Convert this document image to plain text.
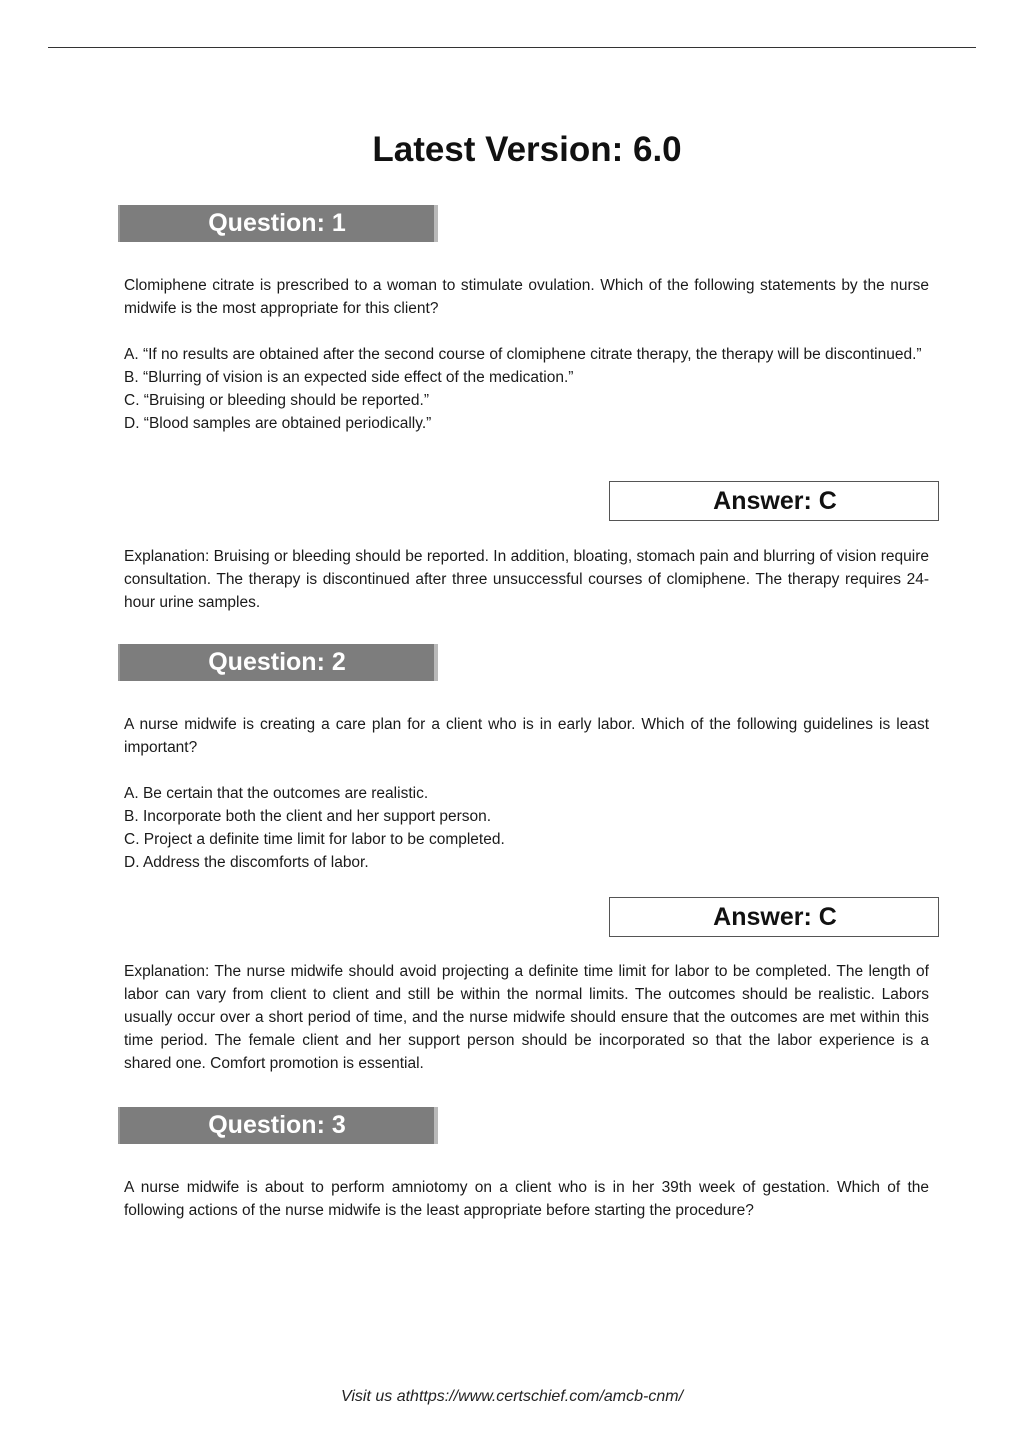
Latest Version: 6.0
Question: 1

Clomiphene citrate is prescribed to a woman to stimulate ovulation. Which of the following statements by the nurse midwife is the most appropriate for this client?

A. “If no results are obtained after the second course of clomiphene citrate therapy, the therapy will be discontinued.”
B. “Blurring of vision is an expected side effect of the medication.”
C. “Bruising or bleeding should be reported.”
D. “Blood samples are obtained periodically.”
Answer: C

Explanation: Bruising or bleeding should be reported. In addition, bloating, stomach pain and blurring of vision require consultation. The therapy is discontinued after three unsuccessful courses of clomiphene. The therapy requires 24-hour urine samples.

Question: 2

A nurse midwife is creating a care plan for a client who is in early labor. Which of the following guidelines is least important?

A. Be certain that the outcomes are realistic.
B. Incorporate both the client and her support person.
C. Project a definite time limit for labor to be completed.
D. Address the discomforts of labor.
Answer: C

Explanation: The nurse midwife should avoid projecting a definite time limit for labor to be completed. The length of labor can vary from client to client and still be within the normal limits. The outcomes should be realistic. Labors usually occur over a short period of time, and the nurse midwife should ensure that the outcomes are met within this time period. The female client and her support person should be incorporated so that the labor experience is a shared one. Comfort promotion is essential.

Question: 3

A nurse midwife is about to perform amniotomy on a client who is in her 39th week of gestation. Which of the following actions of the nurse midwife is the least appropriate before starting the procedure?

Visit us athttps://www.certschief.com/amcb-cnm/
